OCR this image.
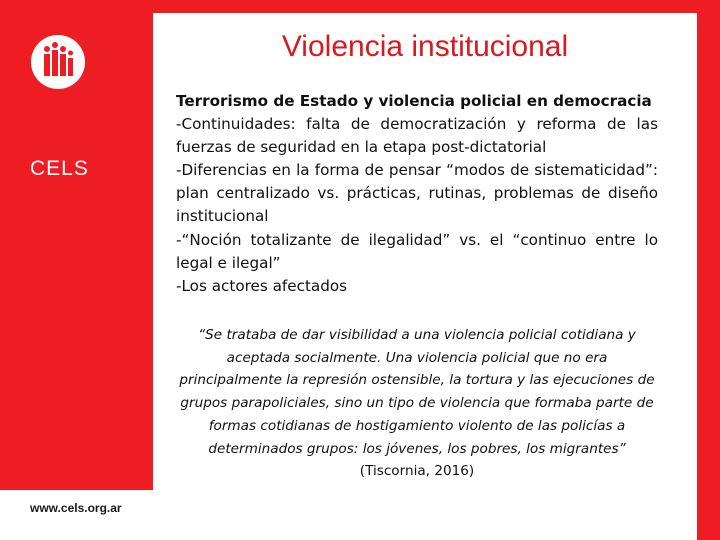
CELS
www.cels.org.ar
Violencia institucional
Terrorismo de Estado y violencia policial en democracia

-Continuidades: falta de democratización y reforma de las fuerzas de seguridad en la etapa post-dictatorial

-Diferencias en la forma de pensar “modos de sistematicidad”: plan centralizado vs. prácticas, rutinas, problemas de diseño institucional

-“Noción totalizante de ilegalidad” vs. el “continuo entre lo legal e ilegal”

-Los actores afectados

“Se trataba de dar visibilidad a una violencia policial cotidiana y aceptada socialmente. Una violencia policial que no era principalmente la represión ostensible, la tortura y las ejecuciones de grupos parapoliciales, sino un tipo de violencia que formaba parte de formas cotidianas de hostigamiento violento de las policías a determinados grupos: los jóvenes, los pobres, los migrantes” (Tiscornia, 2016)
